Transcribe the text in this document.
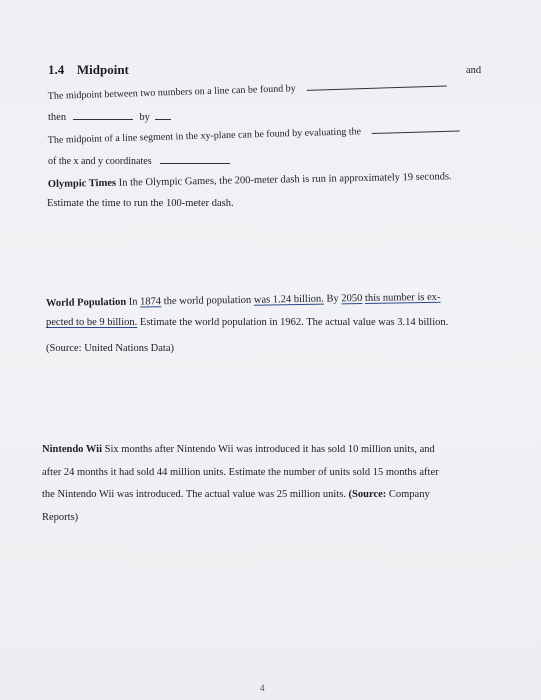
1.4 Midpoint
The midpoint between two numbers on a line can be found by
and
then	by
The midpoint of a line segment in the xy-plane can be found by evaluating the
of the x and y coordinates
Olympic Times In the Olympic Games, the 200-meter dash is run in approximately 19 seconds.
Estimate the time to run the 100-meter dash.
World Population In 1874 the world population was 1.24 billion. By 2050 this number is ex-
pected to be 9 billion. Estimate the world population in 1962. The actual value was 3.14 billion.
(Source: United Nations Data)
Nintendo Wii Six months after Nintendo Wii was introduced it has sold 10 million units, and
after 24 months it had sold 44 million units. Estimate the number of units sold 15 months after
the Nintendo Wii was introduced. The actual value was 25 million units. (Source: Company
Reports)
4
